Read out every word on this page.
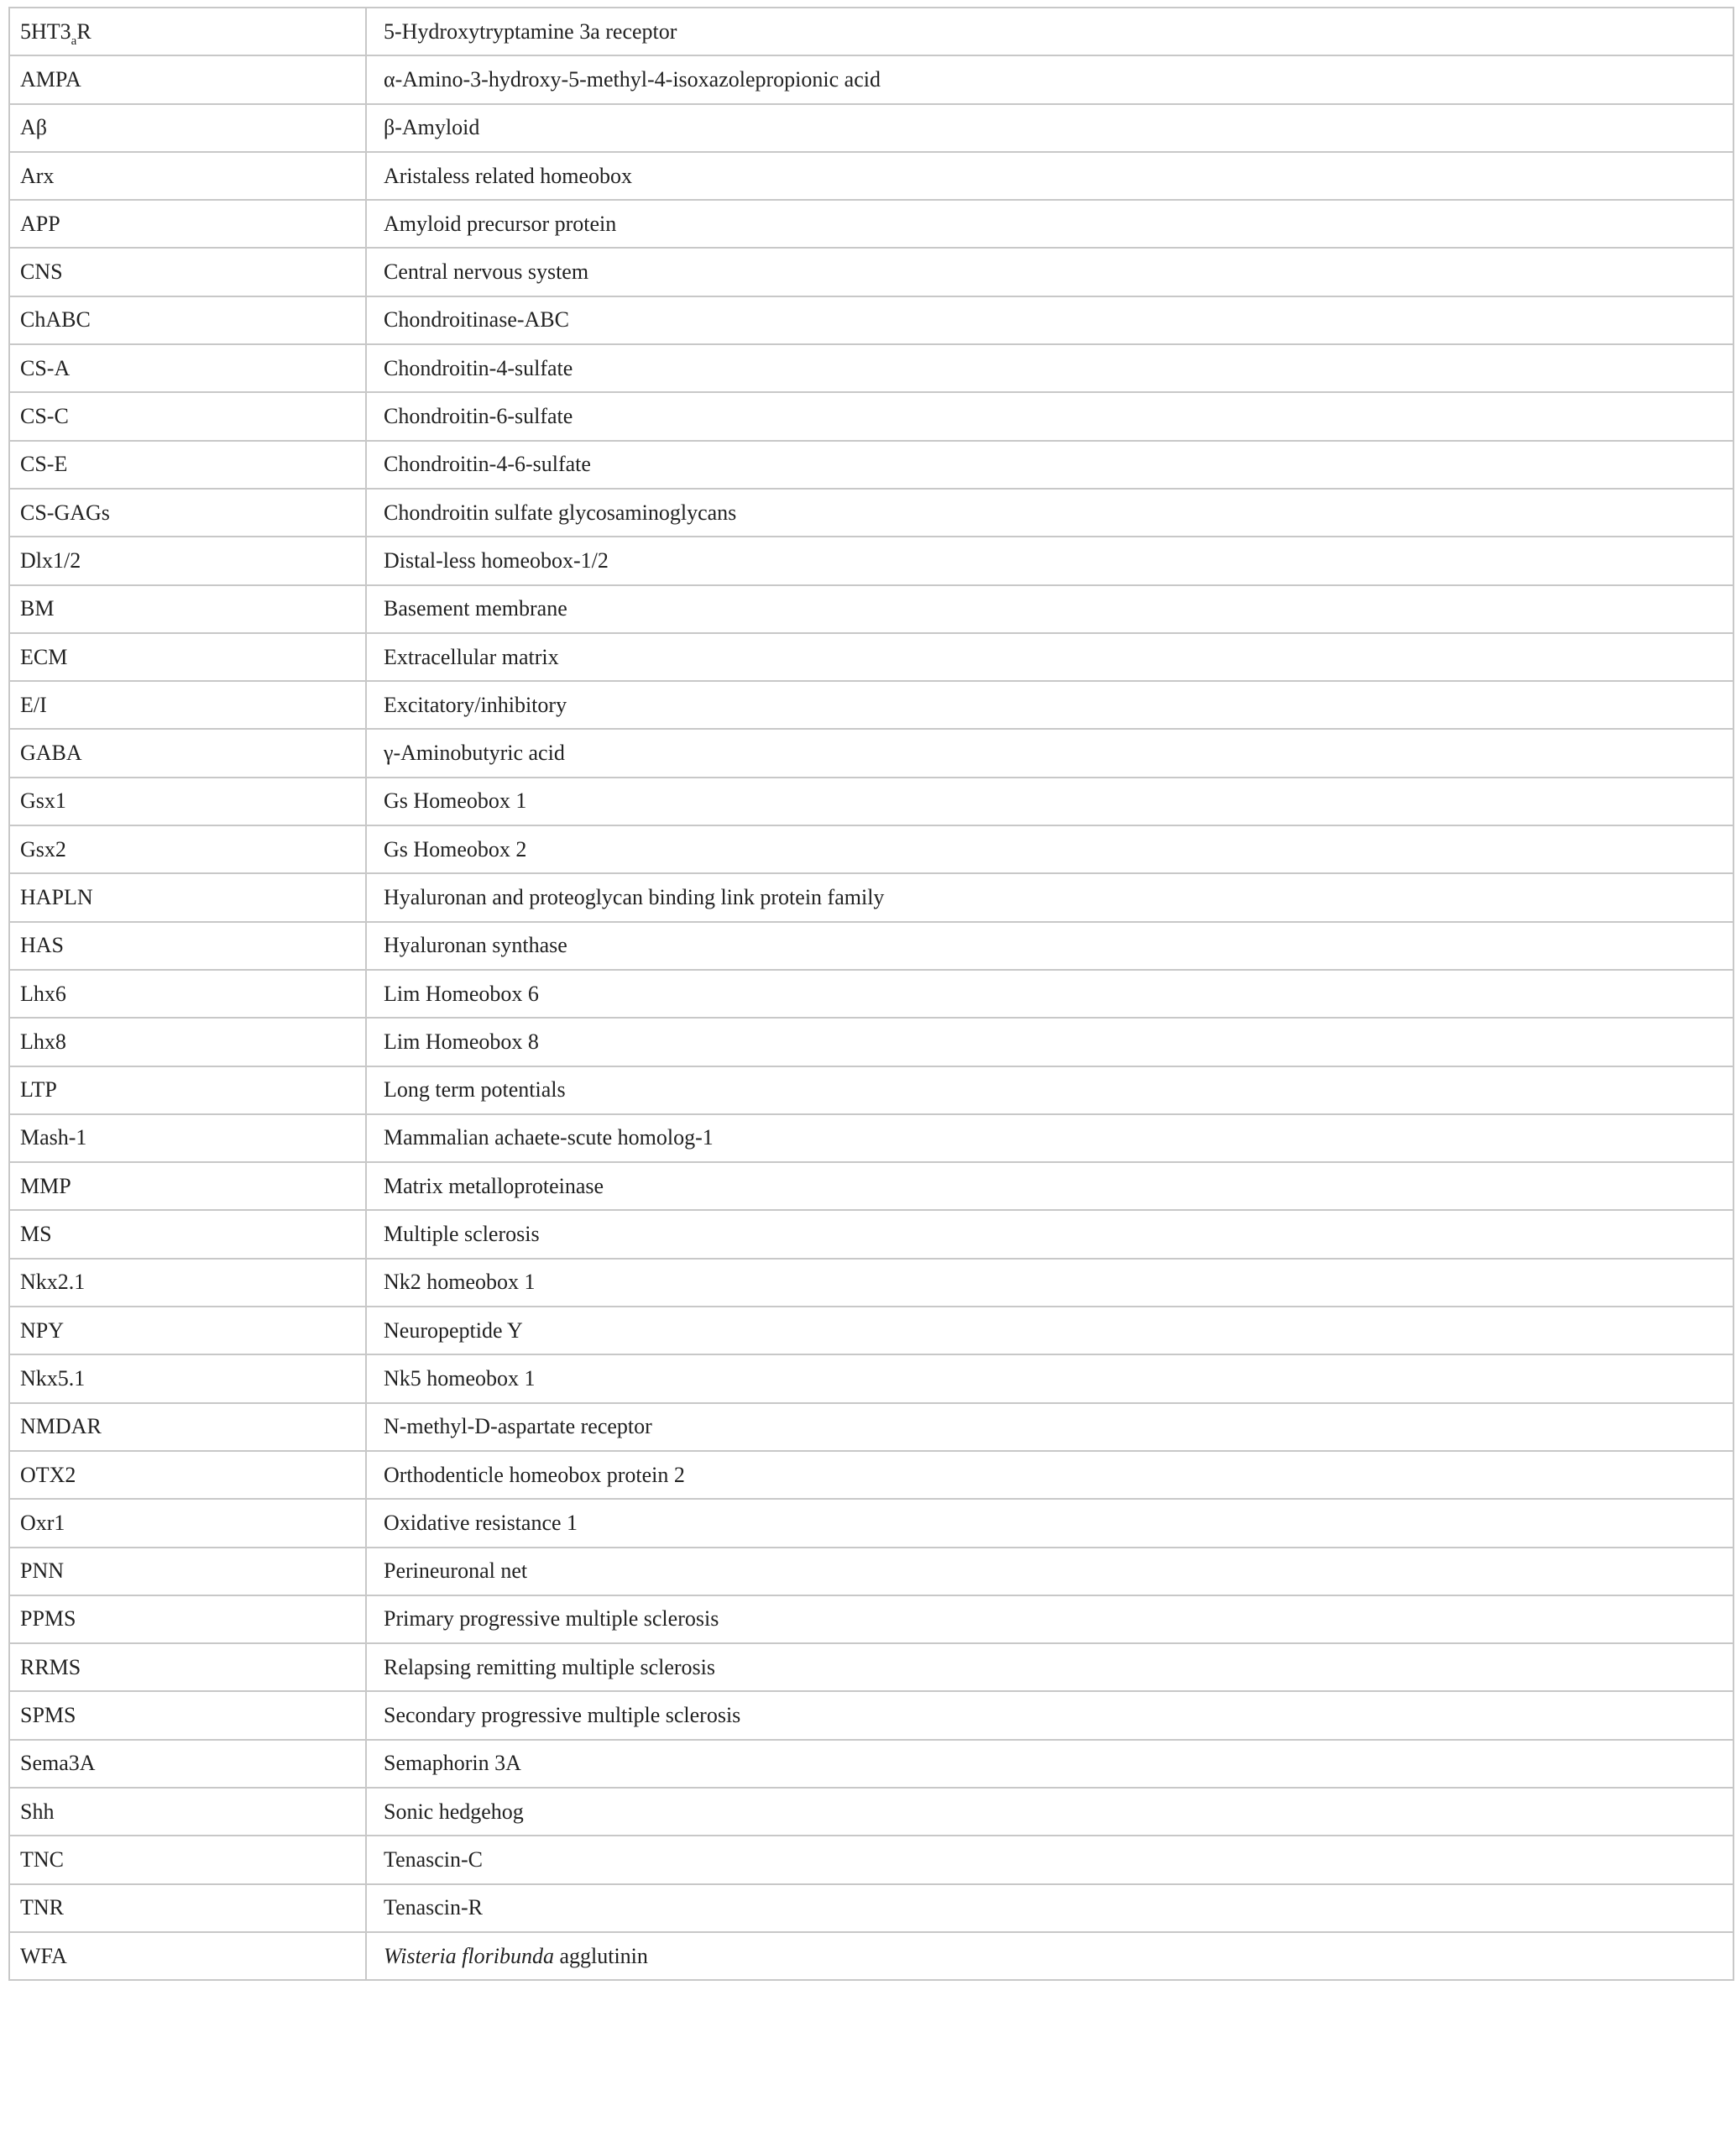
$5HT3_aR$	5-Hydroxytryptamine 3a receptor
AMPA	α-Amino-3-hydroxy-5-methyl-4-isoxazolepropionic acid
Aβ	β-Amyloid
Arx	Aristaless related homeobox
APP	Amyloid precursor protein
CNS	Central nervous system
ChABC	Chondroitinase-ABC
CS-A	Chondroitin-4-sulfate
CS-C	Chondroitin-6-sulfate
CS-E	Chondroitin-4-6-sulfate
CS-GAGs	Chondroitin sulfate glycosaminoglycans
Dlx1/2	Distal-less homeobox-1/2
BM	Basement membrane
ECM	Extracellular matrix
E/I	Excitatory/inhibitory
GABA	γ-Aminobutyric acid
Gsx1	Gs Homeobox 1
Gsx2	Gs Homeobox 2
HAPLN	Hyaluronan and proteoglycan binding link protein family
HAS	Hyaluronan synthase
Lhx6	Lim Homeobox 6
Lhx8	Lim Homeobox 8
LTP	Long term potentials
Mash-1	Mammalian achaete-scute homolog-1
MMP	Matrix metalloproteinase
MS	Multiple sclerosis
Nkx2.1	Nk2 homeobox 1
NPY	Neuropeptide Y
Nkx5.1	Nk5 homeobox 1
NMDAR	N-methyl-D-aspartate receptor
OTX2	Orthodenticle homeobox protein 2
Oxr1	Oxidative resistance 1
PNN	Perineuronal net
PPMS	Primary progressive multiple sclerosis
RRMS	Relapsing remitting multiple sclerosis
SPMS	Secondary progressive multiple sclerosis
Sema3A	Semaphorin 3A
Shh	Sonic hedgehog
TNC	Tenascin-C
TNR	Tenascin-R
WFA	Wisteria floribunda agglutinin
